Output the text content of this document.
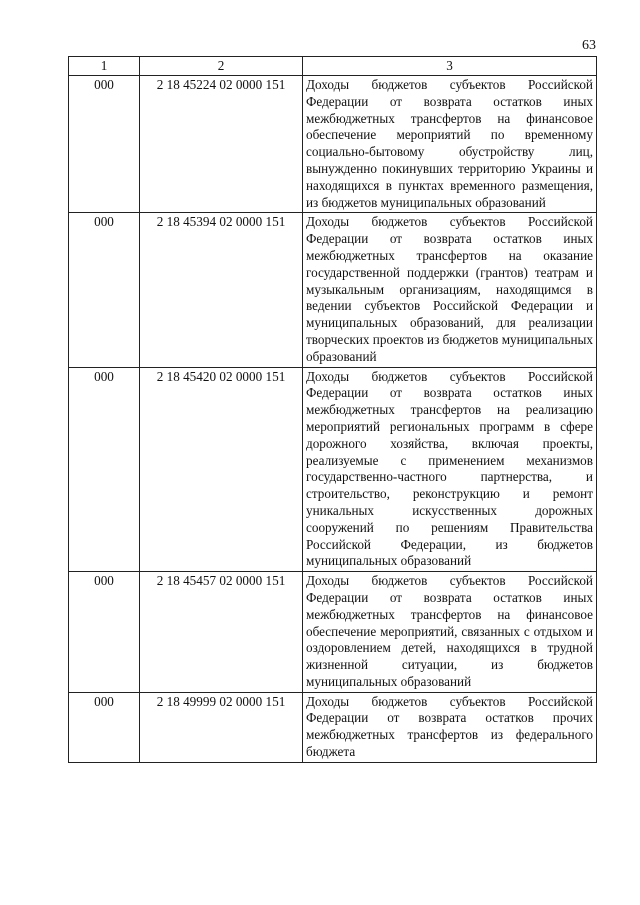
63
1	2	3
000	2 18 45224 02 0000 151	Доходы бюджетов субъектов Российской Федерации от возврата остатков иных межбюджетных трансфертов на финансовое обеспечение мероприятий по временному социально-бытовому обустройству лиц, вынужденно покинувших территорию Украины и находящихся в пунктах временного размещения, из бюджетов муниципальных образований
000	2 18 45394 02 0000 151	Доходы бюджетов субъектов Российской Федерации от возврата остатков иных межбюджетных трансфертов на оказание государственной поддержки (грантов) театрам и музыкальным организациям, находящимся в ведении субъектов Российской Федерации и муниципальных образований, для реализации творческих проектов из бюджетов муниципальных образований
000	2 18 45420 02 0000 151	Доходы бюджетов субъектов Российской Федерации от возврата остатков иных межбюджетных трансфертов на реализацию мероприятий региональных программ в сфере дорожного хозяйства, включая проекты, реализуемые с применением механизмов государственно-частного партнерства, и строительство, реконструкцию и ремонт уникальных искусственных дорожных сооружений по решениям Правительства Российской Федерации, из бюджетов муниципальных образований
000	2 18 45457 02 0000 151	Доходы бюджетов субъектов Российской Федерации от возврата остатков иных межбюджетных трансфертов на финансовое обеспечение мероприятий, связанных с отдыхом и оздоровлением детей, находящихся в трудной жизненной ситуации, из бюджетов муниципальных образований
000	2 18 49999 02 0000 151	Доходы бюджетов субъектов Российской Федерации от возврата остатков прочих межбюджетных трансфертов из федерального бюджета
